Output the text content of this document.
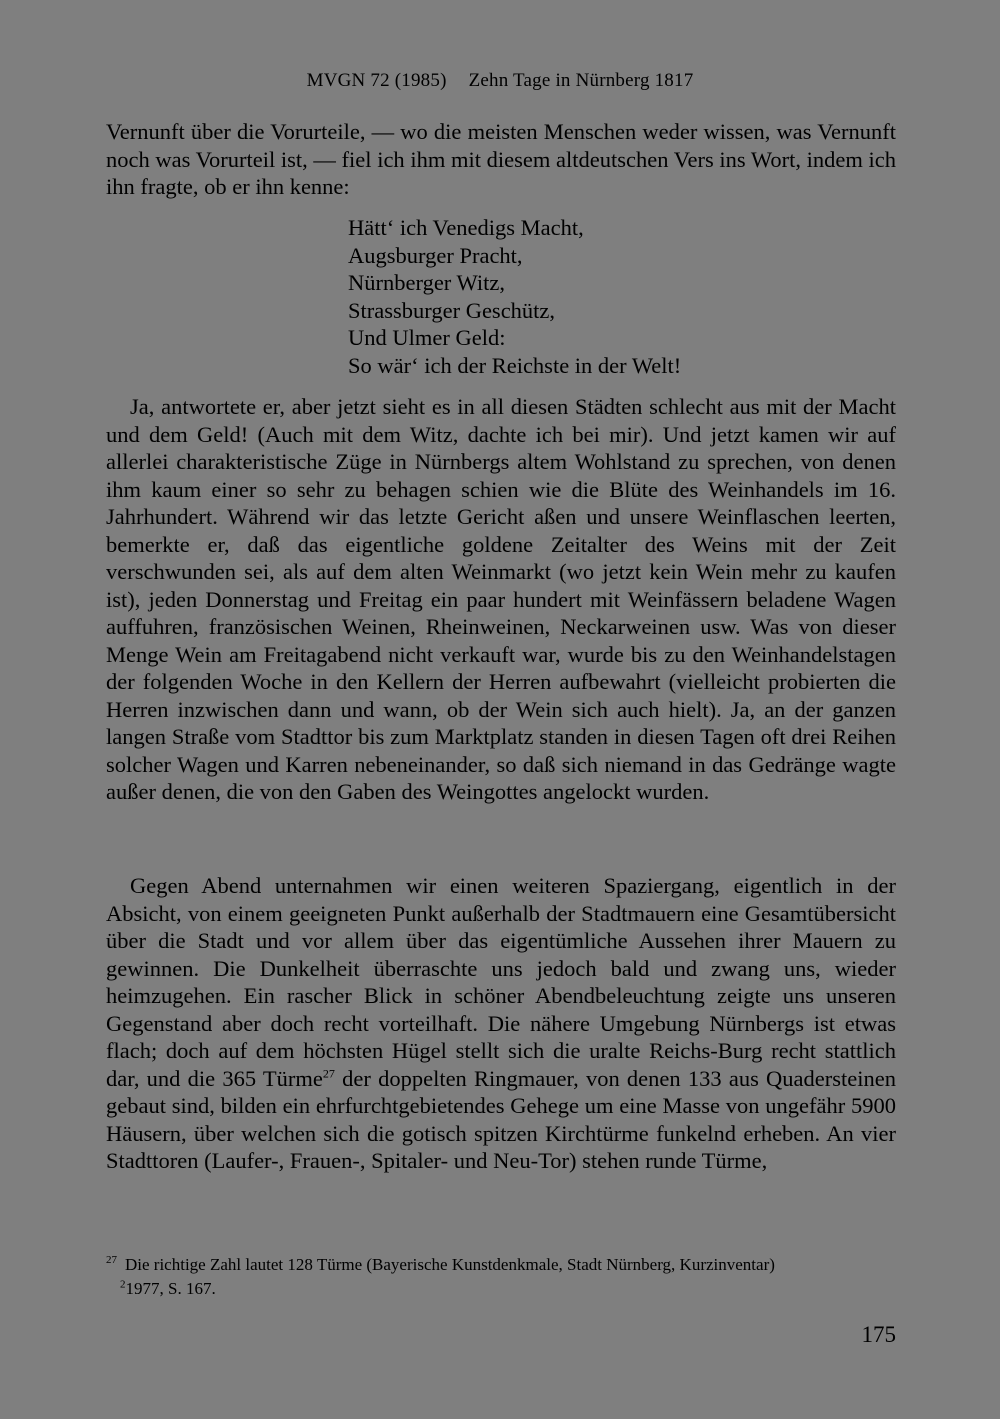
MVGN 72 (1985) Zehn Tage in Nürnberg 1817

Vernunft über die Vorurteile, — wo die meisten Menschen weder wissen, was Vernunft noch was Vorurteil ist, — fiel ich ihm mit diesem altdeutschen Vers ins Wort, indem ich ihn fragte, ob er ihn kenne:

Hätt‘ ich Venedigs Macht,
Augsburger Pracht,
Nürnberger Witz,
Strassburger Geschütz,
Und Ulmer Geld:
So wär‘ ich der Reichste in der Welt!

Ja, antwortete er, aber jetzt sieht es in all diesen Städten schlecht aus mit der Macht und dem Geld! (Auch mit dem Witz, dachte ich bei mir). Und jetzt kamen wir auf allerlei charakteristische Züge in Nürnbergs altem Wohlstand zu sprechen, von denen ihm kaum einer so sehr zu behagen schien wie die Blüte des Weinhandels im 16. Jahrhundert. Während wir das letzte Gericht aßen und unsere Weinflaschen leerten, bemerkte er, daß das eigentliche goldene Zeitalter des Weins mit der Zeit verschwunden sei, als auf dem alten Weinmarkt (wo jetzt kein Wein mehr zu kaufen ist), jeden Donnerstag und Freitag ein paar hundert mit Weinfässern beladene Wagen auffuhren, französischen Weinen, Rheinweinen, Neckarweinen usw. Was von dieser Menge Wein am Freitagabend nicht verkauft war, wurde bis zu den Weinhandelstagen der folgenden Woche in den Kellern der Herren aufbewahrt (vielleicht probierten die Herren inzwischen dann und wann, ob der Wein sich auch hielt). Ja, an der ganzen langen Straße vom Stadttor bis zum Marktplatz standen in diesen Tagen oft drei Reihen solcher Wagen und Karren nebeneinander, so daß sich niemand in das Gedränge wagte außer denen, die von den Gaben des Weingottes angelockt wurden.

Gegen Abend unternahmen wir einen weiteren Spaziergang, eigentlich in der Absicht, von einem geeigneten Punkt außerhalb der Stadtmauern eine Gesamtübersicht über die Stadt und vor allem über das eigentümliche Aussehen ihrer Mauern zu gewinnen. Die Dunkelheit überraschte uns jedoch bald und zwang uns, wieder heimzugehen. Ein rascher Blick in schöner Abendbeleuchtung zeigte uns unseren Gegenstand aber doch recht vorteilhaft. Die nähere Umgebung Nürnbergs ist etwas flach; doch auf dem höchsten Hügel stellt sich die uralte Reichs-Burg recht stattlich dar, und die 365 Türme$^{27}$ der doppelten Ringmauer, von denen 133 aus Quadersteinen gebaut sind, bilden ein ehrfurchtgebietendes Gehege um eine Masse von ungefähr 5900 Häusern, über welchen sich die gotisch spitzen Kirchtürme funkelnd erheben. An vier Stadttoren (Laufer-, Frauen-, Spitaler- und Neu-Tor) stehen runde Türme,

$^{27}$ Die richtige Zahl lautet 128 Türme (Bayerische Kunstdenkmale, Stadt Nürnberg, Kurzinventar)
$^2$1977, S. 167.
175
